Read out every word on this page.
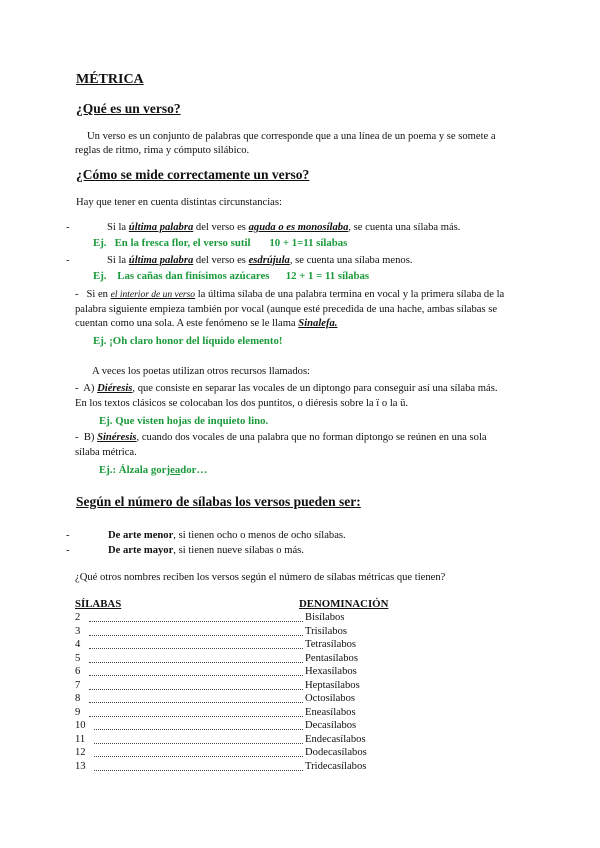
MÉTRICA
¿Qué es un verso?
Un verso es un conjunto de palabras que corresponde que a una línea de un poema y se somete a
reglas de ritmo, rima y cómputo silábico.
¿Cómo se mide correctamente un verso?
Hay que tener en cuenta distintas circunstancias:
-	Si la última palabra del verso es aguda o es monosílaba, se cuenta una sílaba más.
Ej. En la fresca flor, el verso sutil 10 + 1=11 sílabas
-	Si la última palabra del verso es esdrújula, se cuenta una sílaba menos.
Ej. Las cañas dan finísimos azúcares 12 + 1 = 11 sílabas
- Si en el interior de un verso la última sílaba de una palabra termina en vocal y la primera sílaba de la
palabra siguiente empieza también por vocal (aunque esté precedida de una hache, ambas sílabas se
cuentan como una sola. A este fenómeno se le llama Sinalefa.
Ej. ¡Oh claro honor del líquido elemento!
A veces los poetas utilizan otros recursos llamados:
- A) Diéresis, que consiste en separar las vocales de un diptongo para conseguir así una sílaba más.
En los textos clásicos se colocaban los dos puntitos, o diéresis sobre la ï o la ü.
Ej. Que visten hojas de inquieto lino.
- B) Sinéresis, cuando dos vocales de una palabra que no forman diptongo se reúnen en una sola
sílaba métrica.
Ej.: Álzala gorjeador…
Según el número de sílabas los versos pueden ser:
-	De arte menor, si tienen ocho o menos de ocho sílabas.
-	De arte mayor, si tienen nueve sílabas o más.
¿Qué otros nombres reciben los versos según el número de sílabas métricas que tienen?
SÍLABAS	DENOMINACIÓN
2	Bisílabos
3	Trisílabos
4	Tetrasílabos
5	Pentasílabos
6	Hexasílabos
7	Heptasílabos
8	Octosílabos
9	Eneasílabos
10	Decasílabos
11	Endecasílabos
12	Dodecasílabos
13	Tridecasílabos
